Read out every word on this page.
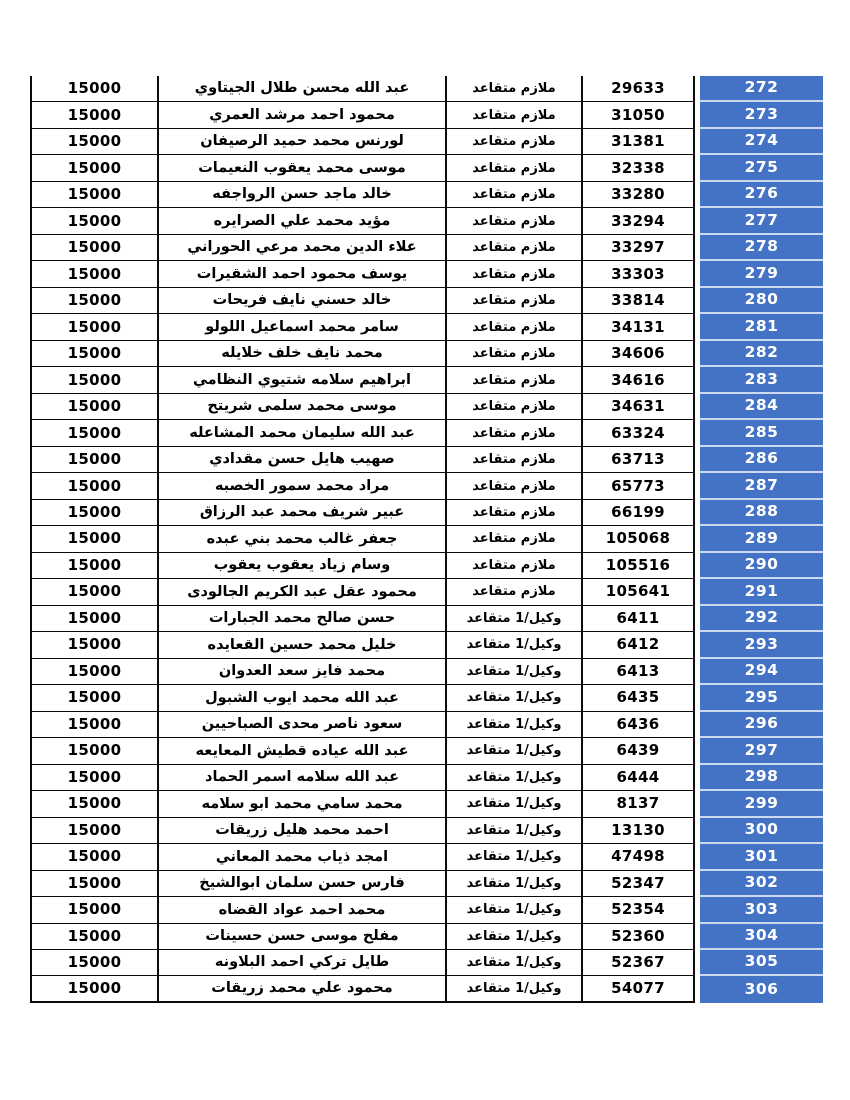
15000	عبد الله محسن طلال الجيتاوي	ملازم متقاعد	29633	272
15000	محمود احمد مرشد العمري	ملازم متقاعد	31050	273
15000	لورنس محمد حميد الرصيفان	ملازم متقاعد	31381	274
15000	موسى محمد يعقوب النعيمات	ملازم متقاعد	32338	275
15000	خالد ماجد حسن الرواجفه	ملازم متقاعد	33280	276
15000	مؤيد محمد علي الصرايره	ملازم متقاعد	33294	277
15000	علاء الدين محمد مرعي الحوراني	ملازم متقاعد	33297	278
15000	يوسف محمود احمد الشقيرات	ملازم متقاعد	33303	279
15000	خالد حسني نايف فريحات	ملازم متقاعد	33814	280
15000	سامر محمد اسماعيل اللولو	ملازم متقاعد	34131	281
15000	محمد نايف خلف خلايله	ملازم متقاعد	34606	282
15000	ابراهيم سلامه شتيوي النظامي	ملازم متقاعد	34616	283
15000	موسى محمد سلمى شريتح	ملازم متقاعد	34631	284
15000	عبد الله سليمان محمد المشاعله	ملازم متقاعد	63324	285
15000	صهيب هايل حسن مقدادي	ملازم متقاعد	63713	286
15000	مراد محمد سمور الخصبه	ملازم متقاعد	65773	287
15000	عبير شريف محمد عبد الرزاق	ملازم متقاعد	66199	288
15000	جعفر غالب محمد بني عبده	ملازم متقاعد	105068	289
15000	وسام زياد يعقوب يعقوب	ملازم متقاعد	105516	290
15000	محمود عقل عبد الكريم الجالودى	ملازم متقاعد	105641	291
15000	حسن صالح محمد الجبارات	وكيل/1 متقاعد	6411	292
15000	خليل محمد حسين القعايده	وكيل/1 متقاعد	6412	293
15000	محمد فايز سعد العدوان	وكيل/1 متقاعد	6413	294
15000	عبد الله محمد ايوب الشبول	وكيل/1 متقاعد	6435	295
15000	سعود ناصر محدى الصباحيين	وكيل/1 متقاعد	6436	296
15000	عبد الله عياده قطيش المعايعه	وكيل/1 متقاعد	6439	297
15000	عبد الله سلامه اسمر الحماد	وكيل/1 متقاعد	6444	298
15000	محمد سامي محمد ابو سلامه	وكيل/1 متقاعد	8137	299
15000	احمد محمد هليل زريقات	وكيل/1 متقاعد	13130	300
15000	امجد ذياب محمد المعاني	وكيل/1 متقاعد	47498	301
15000	فارس حسن سلمان ابوالشيخ	وكيل/1 متقاعد	52347	302
15000	محمد احمد عواد القضاه	وكيل/1 متقاعد	52354	303
15000	مفلح موسى حسن حسينات	وكيل/1 متقاعد	52360	304
15000	طايل تركي احمد البلاونه	وكيل/1 متقاعد	52367	305
15000	محمود علي محمد زريقات	وكيل/1 متقاعد	54077	306
